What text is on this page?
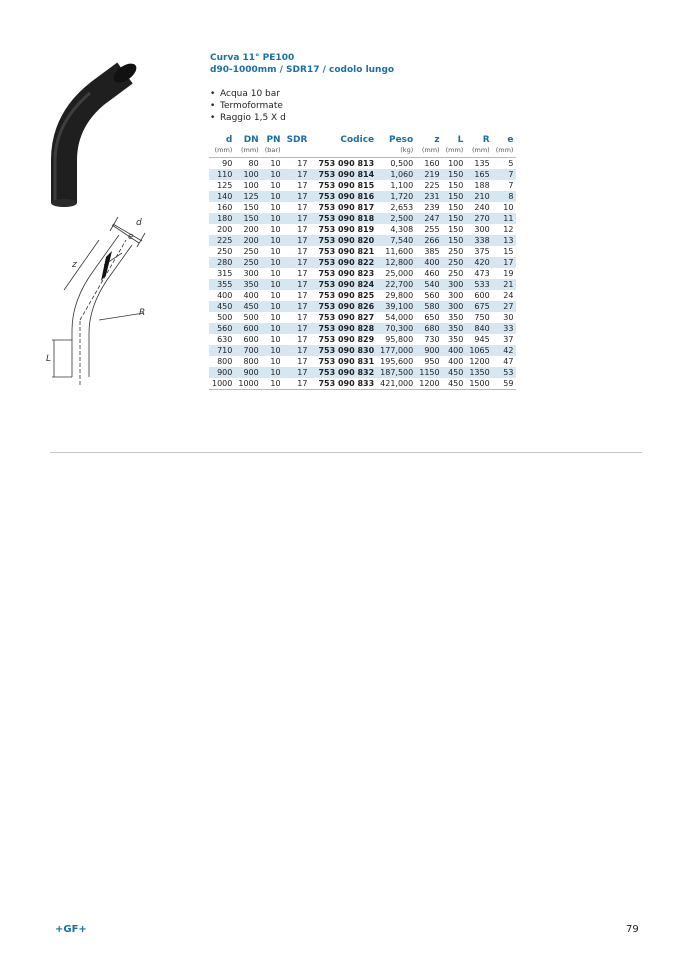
d
e
z
R
L
Curva 11° PE100
d90-1000mm / SDR17 / codolo lungo
• Acqua 10 bar
• Termoformate
• Raggio 1,5 X d
d	DN	PN	SDR	Codice	Peso	z	L	R	e
(mm)	(mm)	(bar)			(kg)	(mm)	(mm)	(mm)	(mm)
90	80	10	17	753 090 813	0,500	160	100	135	5
110	100	10	17	753 090 814	1,060	219	150	165	7
125	100	10	17	753 090 815	1,100	225	150	188	7
140	125	10	17	753 090 816	1,720	231	150	210	8
160	150	10	17	753 090 817	2,653	239	150	240	10
180	150	10	17	753 090 818	2,500	247	150	270	11
200	200	10	17	753 090 819	4,308	255	150	300	12
225	200	10	17	753 090 820	7,540	266	150	338	13
250	250	10	17	753 090 821	11,600	385	250	375	15
280	250	10	17	753 090 822	12,800	400	250	420	17
315	300	10	17	753 090 823	25,000	460	250	473	19
355	350	10	17	753 090 824	22,700	540	300	533	21
400	400	10	17	753 090 825	29,800	560	300	600	24
450	450	10	17	753 090 826	39,100	580	300	675	27
500	500	10	17	753 090 827	54,000	650	350	750	30
560	600	10	17	753 090 828	70,300	680	350	840	33
630	600	10	17	753 090 829	95,800	730	350	945	37
710	700	10	17	753 090 830	177,000	900	400	1065	42
800	800	10	17	753 090 831	195,600	950	400	1200	47
900	900	10	17	753 090 832	187,500	1150	450	1350	53
1000	1000	10	17	753 090 833	421,000	1200	450	1500	59
+GF+	79
